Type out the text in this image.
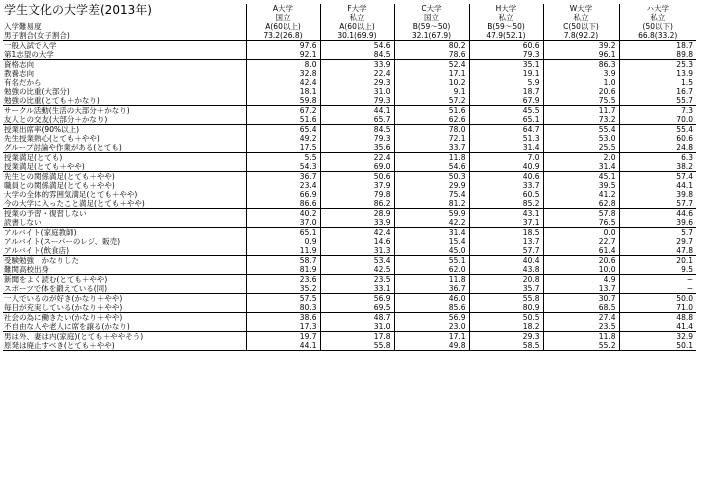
学生文化の大学差(2013年)
		A大学	F大学	C大学	H大学	W大学	ハ大学
	国立	私立	国立	私立	私立	私立
入学難易度	A(60以上)	A(60以上)	B(59〜50)	B(59〜50)	C(50以下)	(50以下)
男子割合(女子割合)	73.2(26.8)	30.1(69.9)	32.1(67.9)	47.9(52.1)	7.8(92.2)	66.8(33.2)
一般入試で入学	97.6	54.6	80.2	60.6	39.2	18.7
第1志望の大学	92.1	84.5	78.6	79.3	96.1	89.8
資格志向	8.0	33.9	52.4	35.1	86.3	25.3
教養志向	32.8	22.4	17.1	19.1	3.9	13.9
有名だから	42.4	29.3	10.2	5.9	1.0	1.5
勉強の比重(大部分)	18.1	31.0	9.1	18.7	20.6	16.7
勉強の比重(とても＋かなり)	59.8	79.3	57.2	67.9	75.5	55.7
サークル活動(生活の大部分＋かなり)	67.2	44.1	51.6	45.5	11.7	7.3
友人との交友(大部分＋かなり)	51.6	65.7	62.6	65.1	73.2	70.0
授業出席率(90%以上)	65.4	84.5	78.0	64.7	55.4	55.4
先生授業熱心(とても＋やや)	49.2	79.3	72.1	51.3	53.0	60.6
グループ討論や作業がある(とても)	17.5	35.6	33.7	31.4	25.5	24.8
授業満足(とても)	5.5	22.4	11.8	7.0	2.0	6.3
授業満足(とても＋やや)	54.3	69.0	54.6	40.9	31.4	38.2
先生との関係満足(とても＋やや)	36.7	50.6	50.3	40.6	45.1	57.4
職員との関係満足(とても＋やや)	23.4	37.9	29.9	33.7	39.5	44.1
大学の全体的雰囲気満足(とても＋やや)	66.9	79.8	75.4	60.5	41.2	39.8
今の大学に入ったこと満足(とても＋やや)	86.6	86.2	81.2	85.2	62.8	57.7
授業の予習・復習しない	40.2	28.9	59.9	43.1	57.8	44.6
読書しない	37.0	33.9	42.2	37.1	76.5	39.6
アルバイト(家庭教師)	65.1	42.4	31.4	18.5	0.0	5.7
アルバイト(スーパーのレジ、販売)	0.9	14.6	15.4	13.7	22.7	29.7
アルバイト(飲食店)	11.9	31.3	45.0	57.7	61.4	47.8
受験勉強　かなりした	58.7	53.4	55.1	40.4	20.6	20.1
難関高校出身	81.9	42.5	62.0	43.8	10.0	9.5
新聞をよく読む(とても＋やや)	23.6	23.5	11.8	20.8	4.9	−
スポーツで体を鍛えている(同)	35.2	33.1	36.7	35.7	13.7	−
一人でいるのが好き(かなり＋やや)	57.5	56.9	46.0	55.8	30.7	50.0
毎日が充実している(かなり＋やや)	80.3	69.5	85.6	80.9	68.5	71.0
社会の為に働きたい(かなり＋やや)	38.6	48.7	56.9	50.5	27.4	48.8
不自由な人や老人に席を譲る(かなり)	17.3	31.0	23.0	18.2	23.5	41.4
男は外、妻は内(家庭)(とても＋ややそう)	19.7	17.8	17.1	29.3	11.8	32.9
原発は廃止すべき(とても＋やや)	44.1	55.8	49.8	58.5	55.2	50.1
